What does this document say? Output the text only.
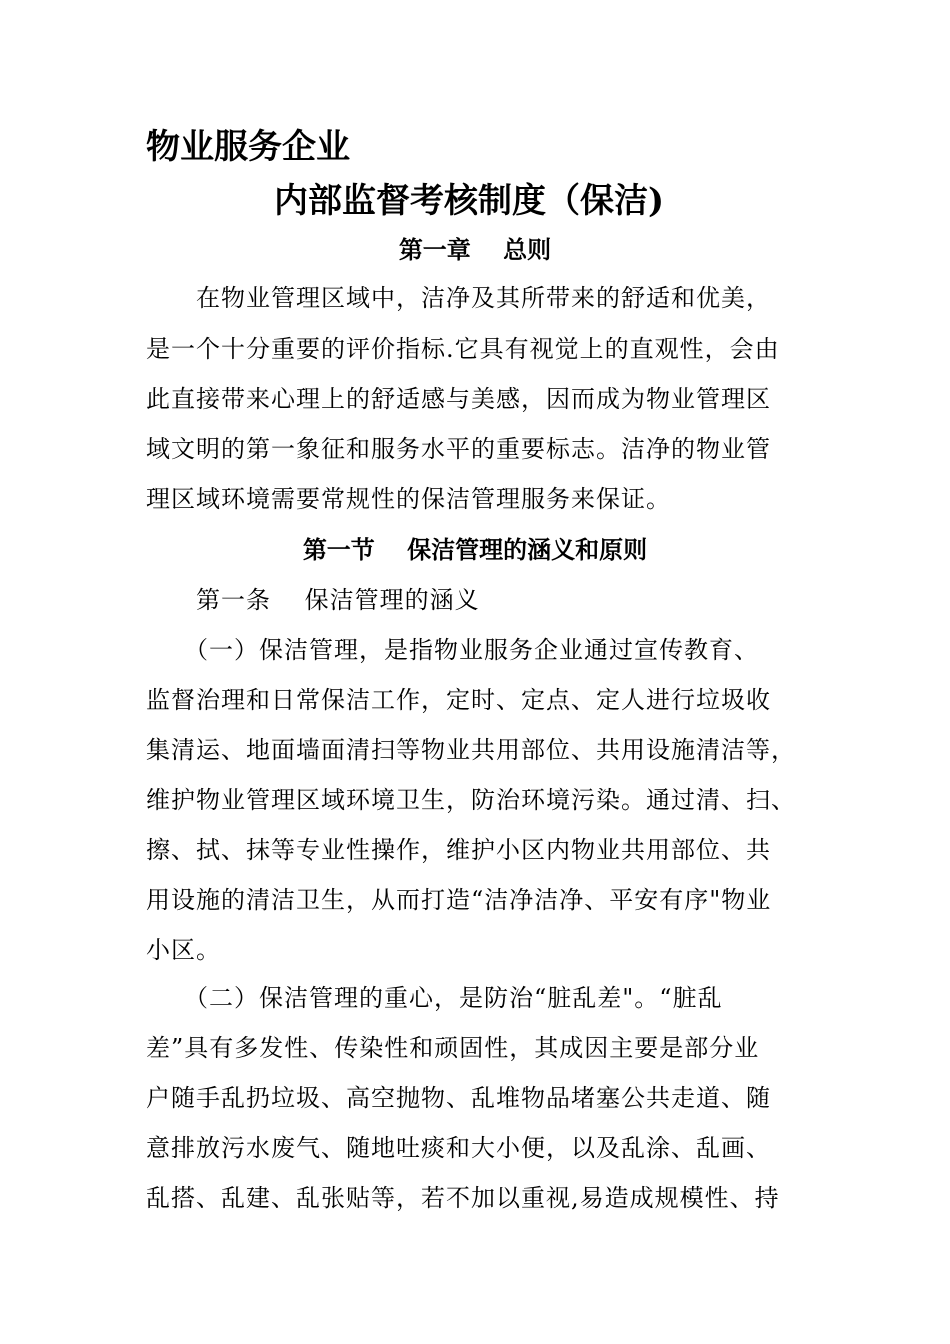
物业服务企业
内部监督考核制度（保洁)
第一章　 总则
　　在物业管理区域中，洁净及其所带来的舒适和优美，
是一个十分重要的评价指标.它具有视觉上的直观性，会由
此直接带来心理上的舒适感与美感，因而成为物业管理区
域文明的第一象征和服务水平的重要标志。洁净的物业管
理区域环境需要常规性的保洁管理服务来保证。
第一节　 保洁管理的涵义和原则
　　第一条　 保洁管理的涵义
　　（一）保洁管理，是指物业服务企业通过宣传教育、
监督治理和日常保洁工作，定时、定点、定人进行垃圾收
集清运、地面墙面清扫等物业共用部位、共用设施清洁等，
维护物业管理区域环境卫生，防治环境污染。通过清、扫、
擦、拭、抹等专业性操作，维护小区内物业共用部位、共
用设施的清洁卫生，从而打造“洁净洁净、平安有序"物业
小区。
　　（二）保洁管理的重心，是防治“脏乱差"。“脏乱
差”具有多发性、传染性和顽固性，其成因主要是部分业
户随手乱扔垃圾、高空抛物、乱堆物品堵塞公共走道、随
意排放污水废气、随地吐痰和大小便，以及乱涂、乱画、
乱搭、乱建、乱张贴等，若不加以重视,易造成规模性、持
